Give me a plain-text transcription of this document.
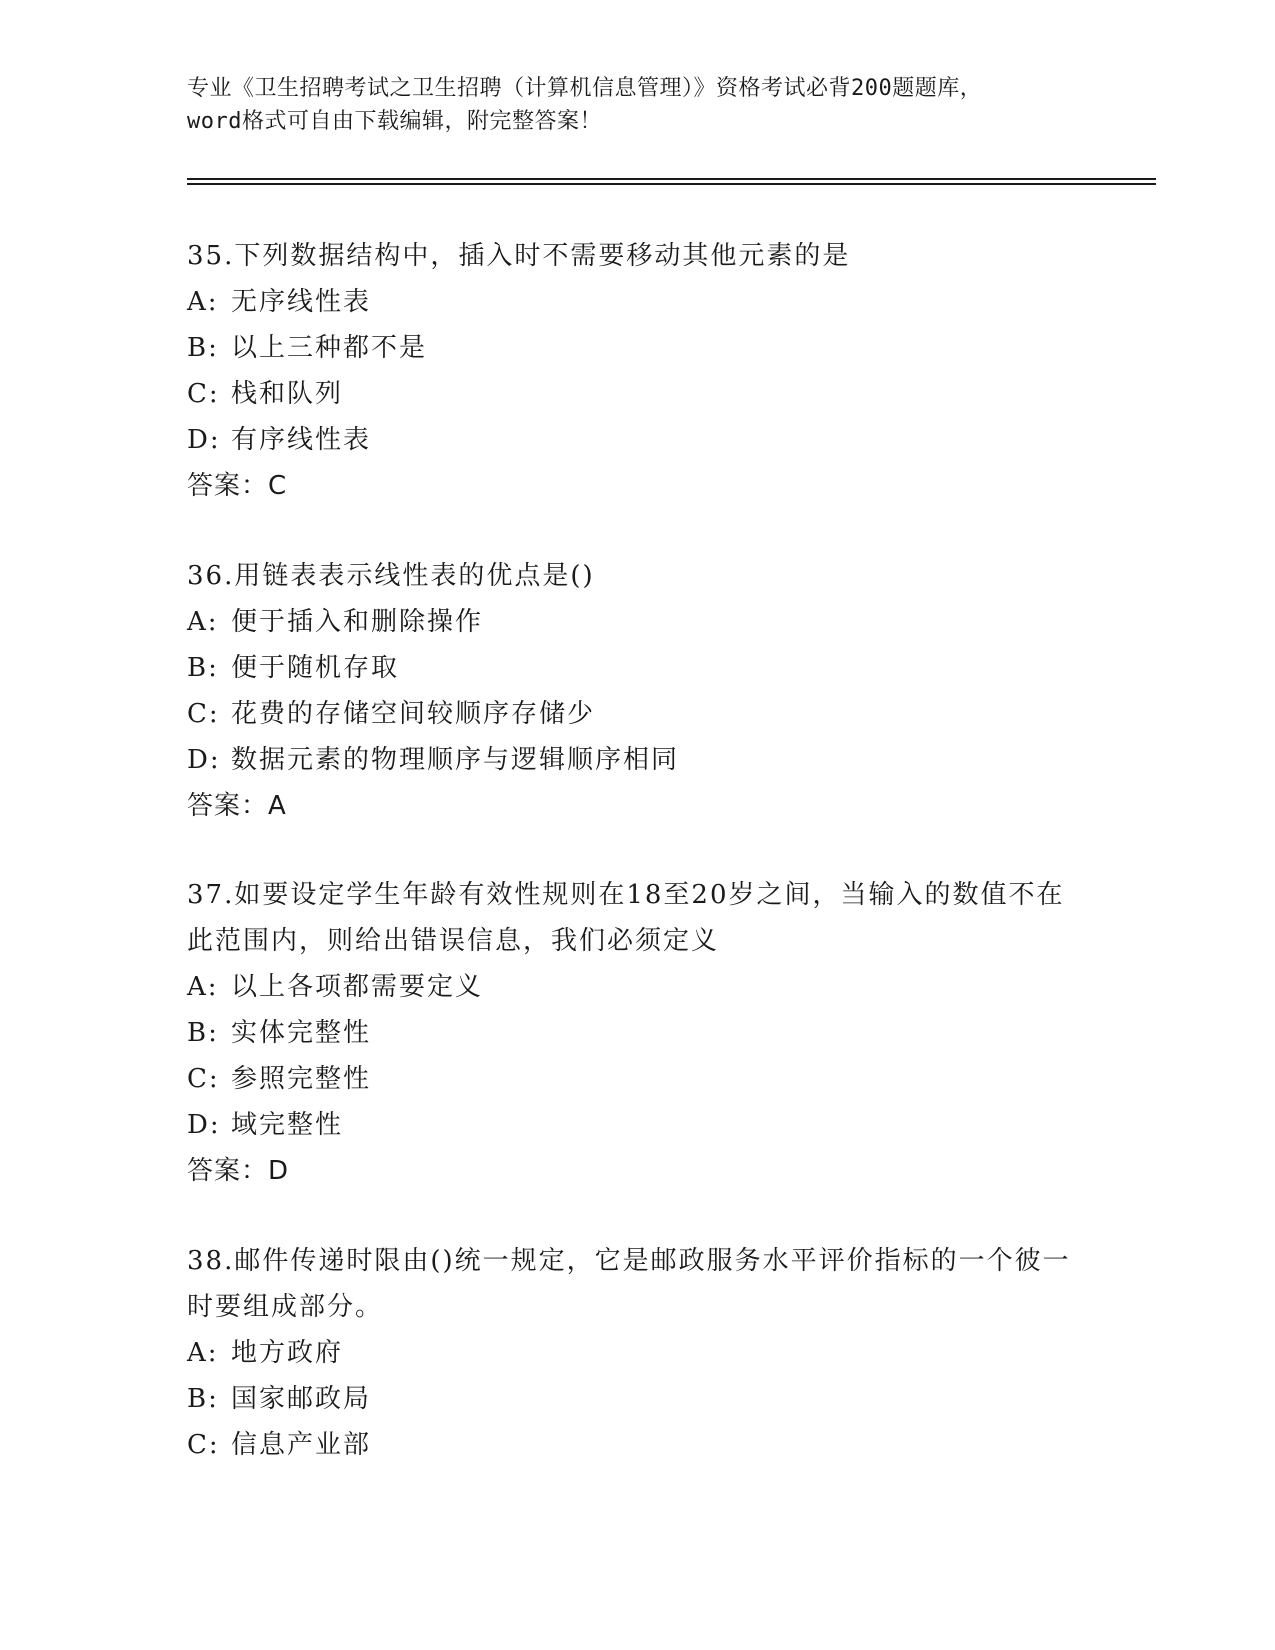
专业《卫生招聘考试之卫生招聘（计算机信息管理）》资格考试必背200题题库，
word格式可自由下载编辑，附完整答案！

35.下列数据结构中，插入时不需要移动其他元素的是

A: 无序线性表

B: 以上三种都不是

C: 栈和队列

D: 有序线性表

答案：C

36.用链表表示线性表的优点是()

A: 便于插入和删除操作

B: 便于随机存取

C: 花费的存储空间较顺序存储少

D: 数据元素的物理顺序与逻辑顺序相同

答案：A

37.如要设定学生年龄有效性规则在18至20岁之间，当输入的数值不在此范围内，则给出错误信息，我们必须定义

A: 以上各项都需要定义

B: 实体完整性

C: 参照完整性

D: 域完整性

答案：D

38.邮件传递时限由()统一规定，它是邮政服务水平评价指标的一个彼一时要组成部分。

A: 地方政府

B: 国家邮政局

C: 信息产业部
